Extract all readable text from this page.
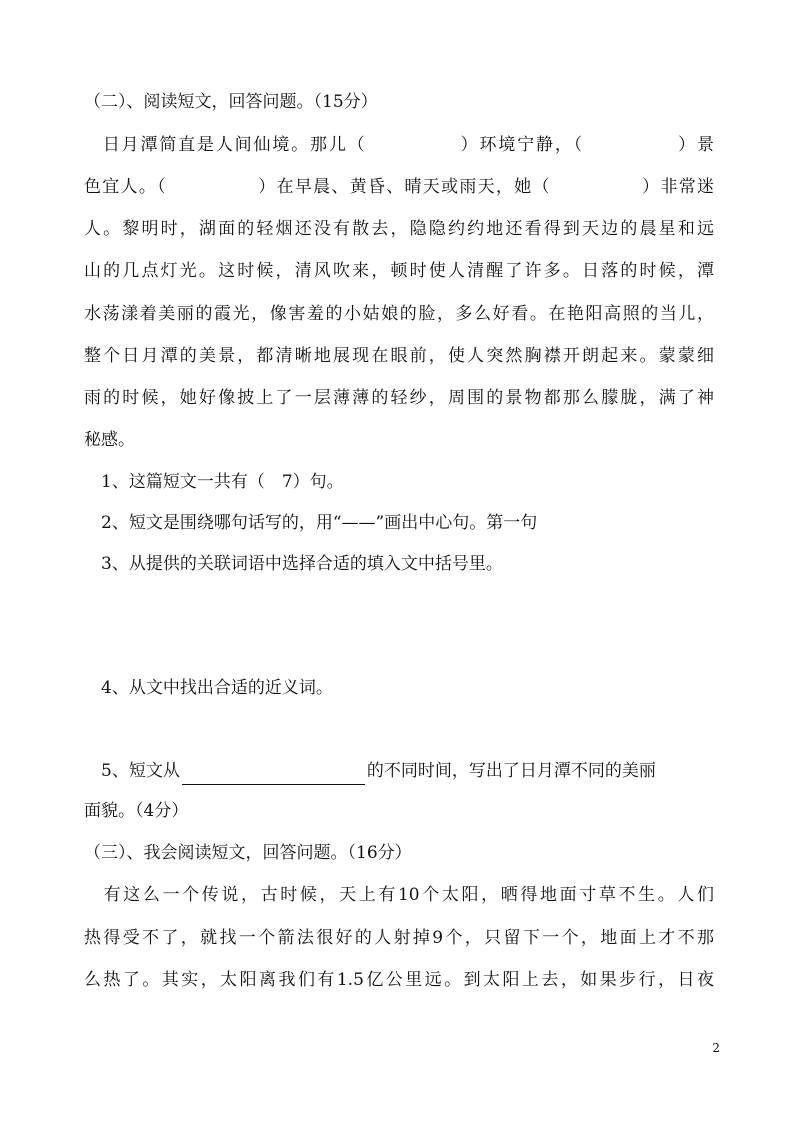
（二）、阅读短文，回答问题。（15分）
　日月潭简直是人间仙境。那儿（　　　　　）环境宁静，（　　　　　）景
色宜人。（　　　　　）在早晨、黄昏、晴天或雨天，她（　　　　　）非常迷
人。黎明时，湖面的轻烟还没有散去，隐隐约约地还看得到天边的晨星和远
山的几点灯光。这时候，清风吹来，顿时使人清醒了许多。日落的时候，潭
水荡漾着美丽的霞光，像害羞的小姑娘的脸，多么好看。在艳阳高照的当儿，
整个日月潭的美景，都清晰地展现在眼前，使人突然胸襟开朗起来。蒙蒙细
雨的时候，她好像披上了一层薄薄的轻纱，周围的景物都那么朦胧，满了神
秘感。
　1、这篇短文一共有（　7）句。
　2、短文是围绕哪句话写的，用“——”画出中心句。第一句
　3、从提供的关联词语中选择合适的填入文中括号里。

　4、从文中找出合适的近义词。

　5、短文从	的不同时间，写出了日月潭不同的美丽
面貌。（4分）
（三）、我会阅读短文，回答问题。（16分）
　有这么一个传说，古时候，天上有10个太阳，晒得地面寸草不生。人们
热得受不了，就找一个箭法很好的人射掉9个，只留下一个，地面上才不那
么热了。其实，太阳离我们有1.5亿公里远。到太阳上去，如果步行，日夜
2
